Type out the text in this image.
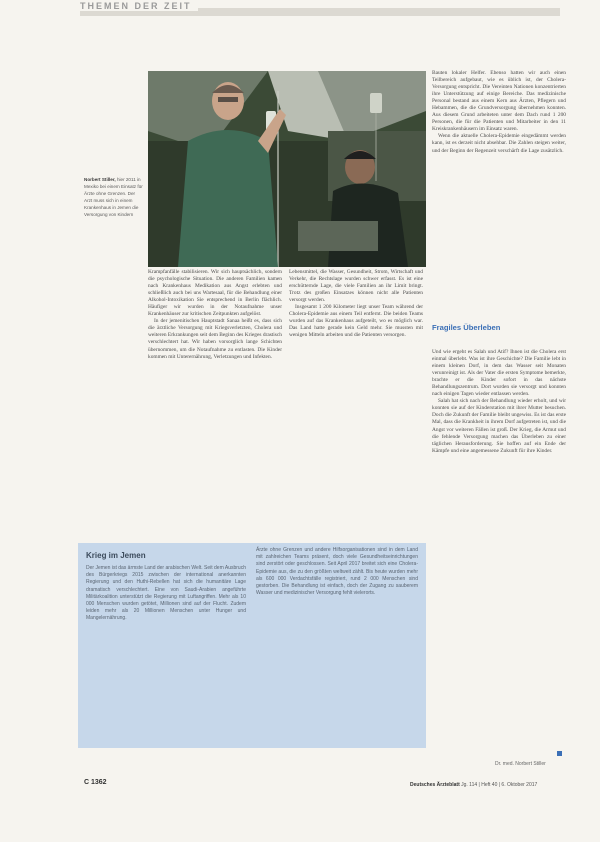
THEMEN DER ZEIT
Norbert Stiller, hier 2011 in Mexiko bei einem Einsatz für Ärzte ohne Grenzen. Der Arzt muss sich in einem Krankenhaus in Jemen die Versorgung von Kindern

Krampfanfälle stabilisieren. Wir sich hauptsächlich, sondern die psychologische Situation. Die anderen Familien kamen nach Krankenhaus Medikation aus Angst erlebten und schließlich auch bei uns Wartesaal, für die Behandlung einer Alkohol-Intoxikation Sie entsprechend in Berlin flächlich. Häufiger wir wurden in der Notaufnahme unser Krankenhäuser zur kritischen Zeitpunkten aufgelöst.

In der jemenitischen Hauptstadt Sanaa heißt es, dass sich die ärztliche Versorgung mit Kriegsverletzten, Cholera und weiteren Erkrankungen seit dem Beginn des Krieges drastisch verschlechtert hat. Wir haben vorsorglich lange Schichten übernommen, um die Notaufnahme zu entlasten. Die Kinder kommen mit Unterernährung, Verletzungen und Infekten.

Lebensmittel, die Wasser, Gesundheit, Strom, Wirtschaft und Verkehr, die Rechtslage wurden schwer erfasst. Es ist eine erschütternde Lage, die viele Familien an ihr Limit bringt. Trotz des großen Einsatzes können nicht alle Patienten versorgt werden.

Insgesamt 1 200 Kilometer liegt unser Team während der Cholera-Epidemie aus einem Teil entfernt. Die beiden Teams wurden auf das Krankenhaus aufgeteilt, wo es möglich war. Das Land hatte gerade kein Geld mehr. Sie mussten mit wenigen Mitteln arbeiten und die Patienten versorgen.

Bauten lokaler Helfer. Ebenso hatten wir auch einen Teilbereich aufgebaut, wie es üblich ist, der Cholera-Versorgung entspricht. Die Vereinten Nationen konzentrierten ihre Unterstützung auf einige Bereiche. Das medizinische Personal bestand aus einem Kern aus Ärzten, Pflegern und Hebammen, die die Grundversorgung übernehmen konnten. Aus diesem Grund arbeiteten unter dem Dach rund 1 200 Personen, die für die Patienten und Mitarbeiter in den 11 Kreiskrankenhäusern im Einsatz waren.

Wenn die aktuelle Cholera-Epidemie eingedämmt werden kann, ist es derzeit nicht absehbar. Die Zahlen steigen weiter, und der Beginn der Regenzeit verschärft die Lage zusätzlich.

Fragiles Überleben

Und wie ergeht es Salah und Atif? Ihnen ist die Cholera erst einmal überlebt. Was ist ihre Geschichte? Die Familie lebt in einem kleinen Dorf, in dem das Wasser seit Monaten verunreinigt ist. Als der Vater die ersten Symptome bemerkte, brachte er die Kinder sofort in das nächste Behandlungszentrum. Dort wurden sie versorgt und konnten nach einigen Tagen wieder entlassen werden.

Salah hat sich nach der Behandlung wieder erholt, und wir konnten sie auf der Kinderstation mit ihrer Mutter besuchen. Doch die Zukunft der Familie bleibt ungewiss. Es ist das erste Mal, dass die Krankheit in ihrem Dorf aufgetreten ist, und die Angst vor weiteren Fällen ist groß. Der Krieg, die Armut und die fehlende Versorgung machen das Überleben zu einer täglichen Herausforderung. Sie hoffen auf ein Ende der Kämpfe und eine angemessene Zukunft für ihre Kinder.

Krieg im Jemen

Der Jemen ist das ärmste Land der arabischen Welt. Seit dem Ausbruch des Bürgerkriegs 2015 zwischen der international anerkannten Regierung und den Huthi-Rebellen hat sich die humanitäre Lage dramatisch verschlechtert. Eine von Saudi-Arabien angeführte Militärkoalition unterstützt die Regierung mit Luftangriffen. Mehr als 10 000 Menschen wurden getötet, Millionen sind auf der Flucht. Zudem leiden mehr als 20 Millionen Menschen unter Hunger und Mangelernährung.

Ärzte ohne Grenzen und andere Hilfsorganisationen sind in dem Land mit zahlreichen Teams präsent, doch viele Gesundheitseinrichtungen sind zerstört oder geschlossen. Seit April 2017 breitet sich eine Cholera-Epidemie aus, die zu den größten weltweit zählt. Bis heute wurden mehr als 600 000 Verdachtsfälle registriert, rund 2 000 Menschen sind gestorben. Die Behandlung ist einfach, doch der Zugang zu sauberem Wasser und medizinischer Versorgung fehlt vielerorts.

Dr. med. Norbert Stiller
C 1362	Deutsches Ärzteblatt Jg. 114 | Heft 40 | 6. Oktober 2017
